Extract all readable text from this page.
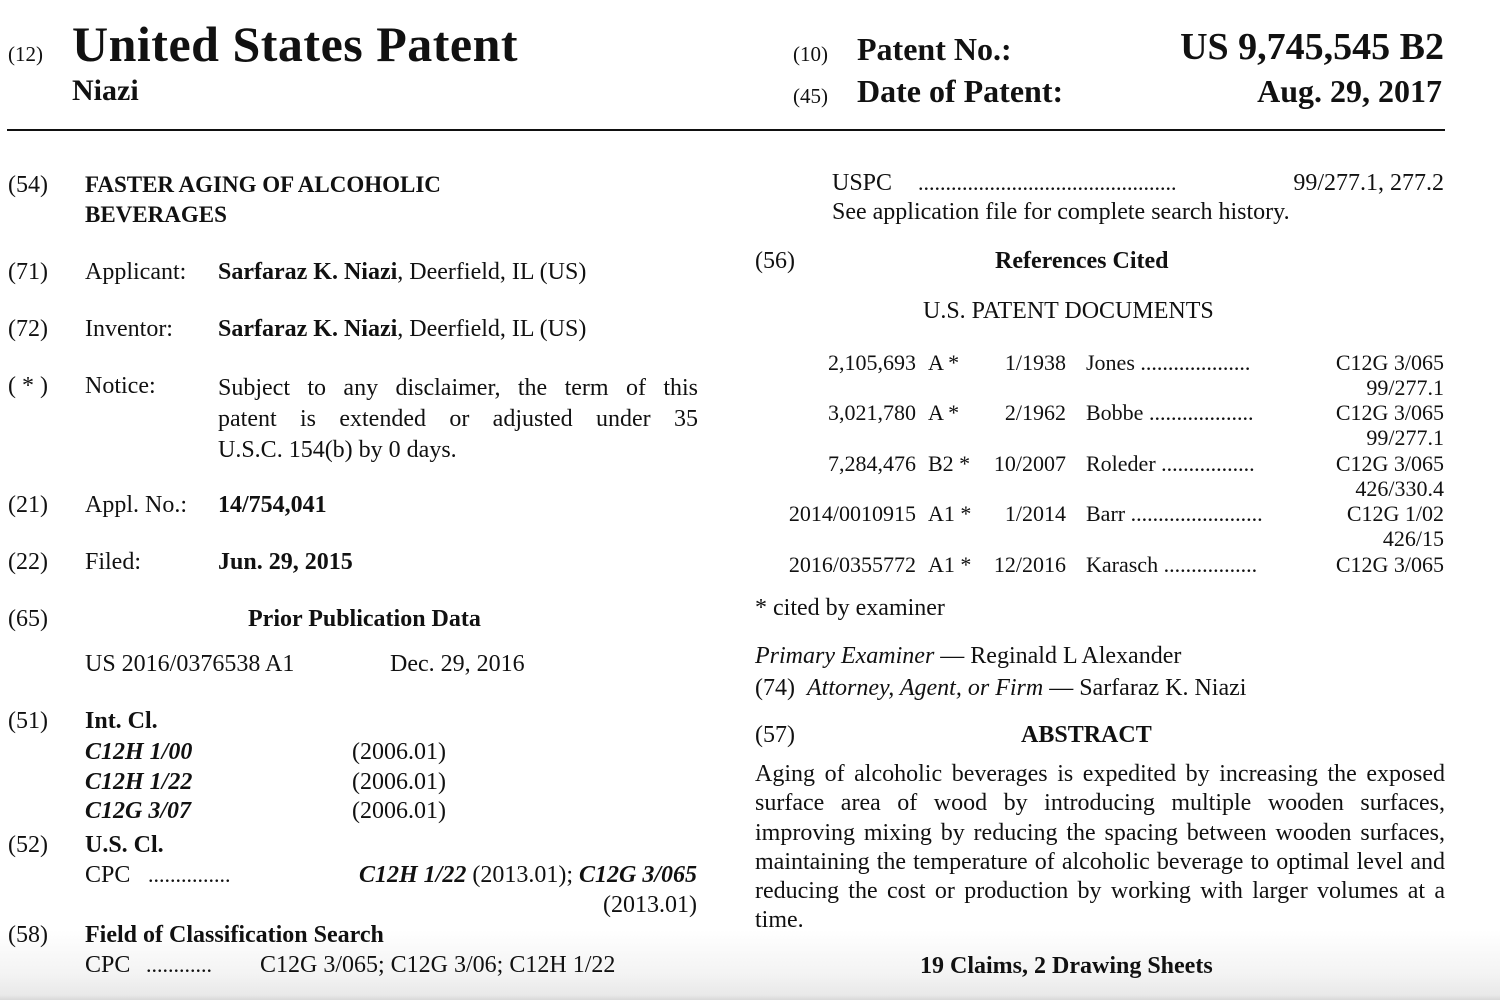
(12) United States Patent
Niazi
(10) Patent No.:	US 9,745,545 B2
(45) Date of Patent:	Aug. 29, 2017
(54) FASTER AGING OF ALCOHOLIC
BEVERAGES
(71) Applicant: Sarfaraz K. Niazi, Deerfield, IL (US)
(72) Inventor: Sarfaraz K. Niazi, Deerfield, IL (US)
( * ) Notice:	Subject to any disclaimer, the term of this
patent is extended or adjusted under 35
U.S.C. 154(b) by 0 days.
(21) Appl. No.: 14/754,041
(22) Filed:	Jun. 29, 2015
(65)	Prior Publication Data
US 2016/0376538 A1	Dec. 29, 2016
(51) Int. Cl.
C12H 1/00	(2006.01)
C12H 1/22	(2006.01)
C12G 3/07	(2006.01)
(52) U.S. Cl.
CPC ...............	C12H 1/22 (2013.01); C12G 3/065
(2013.01)
(58) Field of Classification Search
CPC ............ C12G 3/065; C12G 3/06; C12H 1/22
USPC ...............................................	99/277.1, 277.2
See application file for complete search history.
(56)	References Cited
U.S. PATENT DOCUMENTS
2,105,693 A *	1/1938 Jones ....................	C12G 3/065
99/277.1
3,021,780 A *	2/1962 Bobbe ...................	C12G 3/065
99/277.1
7,284,476 B2 *	10/2007 Roleder .................	C12G 3/065
426/330.4
2014/0010915 A1 *	1/2014 Barr ........................	C12G 1/02
426/15
2016/0355772 A1 *	12/2016 Karasch .................	C12G 3/065
* cited by examiner
Primary Examiner — Reginald L Alexander
(74) Attorney, Agent, or Firm — Sarfaraz K. Niazi
(57)	ABSTRACT
Aging of alcoholic beverages is expedited by increasing the exposed surface area of wood by introducing multiple wooden surfaces, improving mixing by reducing the spacing between wooden surfaces, maintaining the temperature of alcoholic beverage to optimal level and reducing the cost or production by working with larger volumes at a time.
19 Claims, 2 Drawing Sheets
